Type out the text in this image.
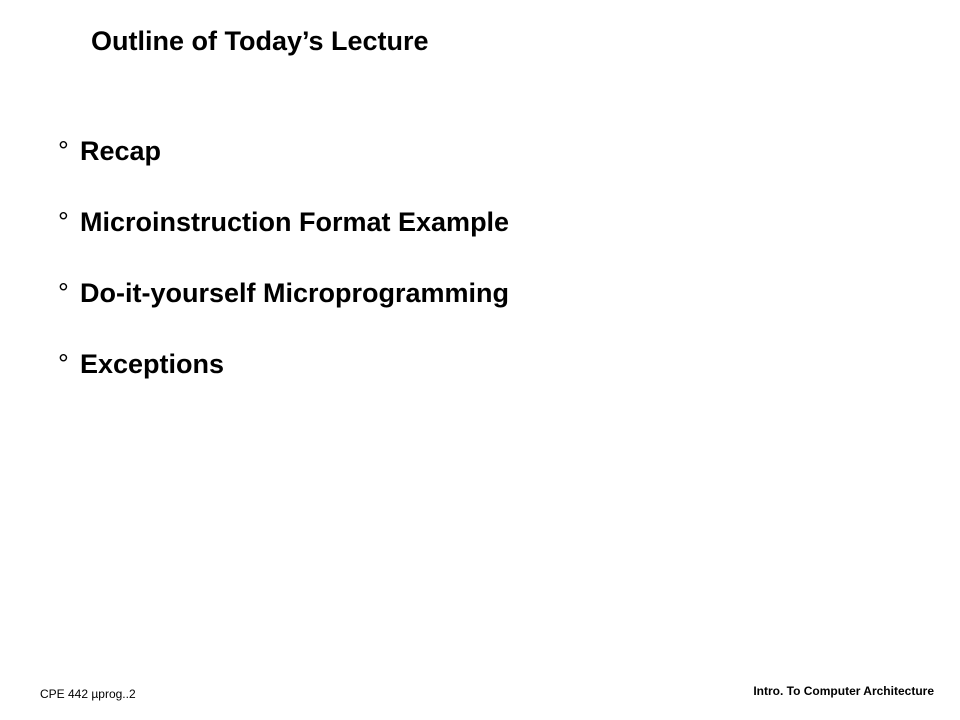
Outline of Today’s Lecture
° Recap
° Microinstruction Format Example
° Do-it-yourself Microprogramming
° Exceptions
CPE 442 µprog..2	Intro. To Computer Architecture
